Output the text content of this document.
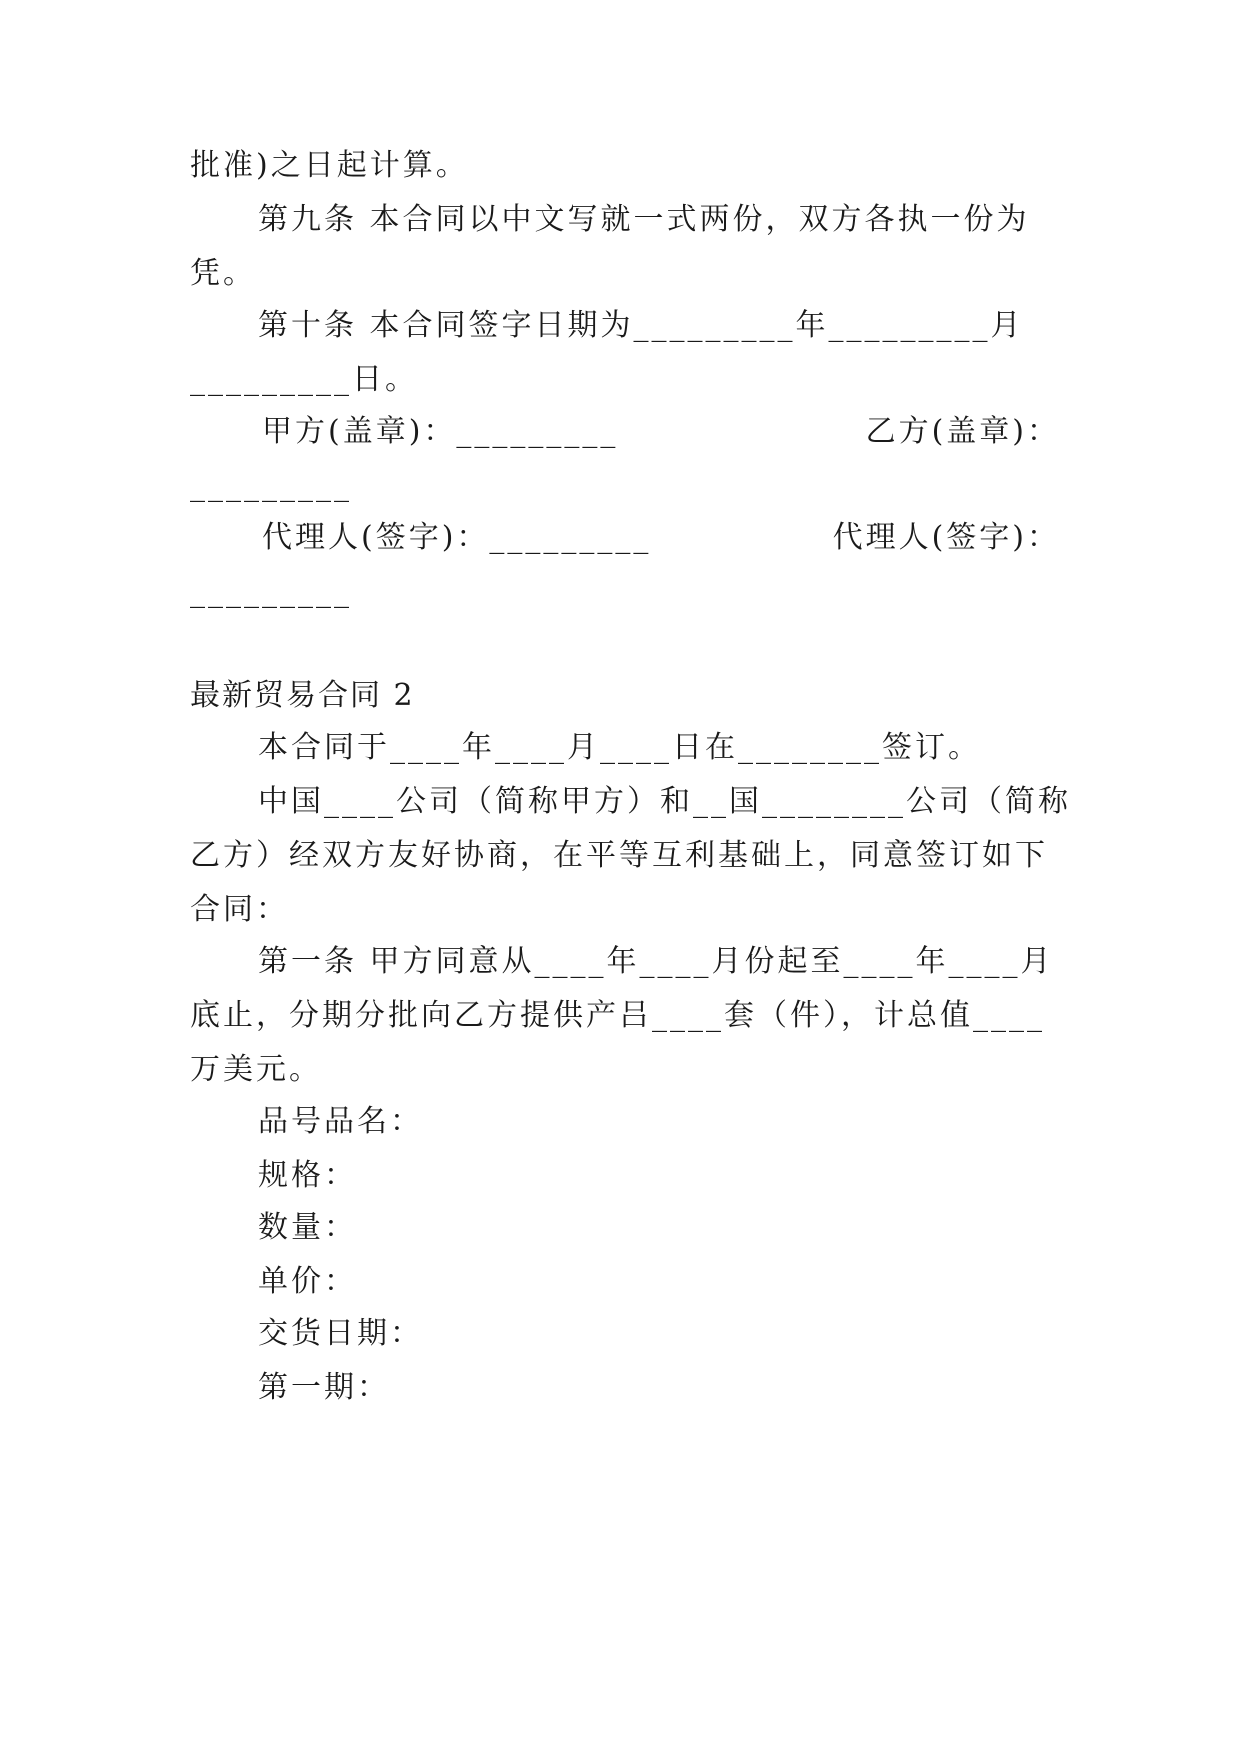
批准)之日起计算。
第九条 本合同以中文写就一式两份，双方各执一份为
凭。
第十条 本合同签字日期为_________年_________月
_________日。
甲方(盖章)：_________	乙方(盖章)：
_________
代理人(签字)：_________	代理人(签字)：
_________
最新贸易合同 2
本合同于____年____月____日在________签订。
中国____公司（简称甲方）和__国________公司（简称
乙方）经双方友好协商，在平等互利基础上，同意签订如下
合同：
第一条 甲方同意从____年____月份起至____年____月
底止，分期分批向乙方提供产吕____套（件），计总值____
万美元。
品号品名：
规格：
数量：
单价：
交货日期：
第一期：
